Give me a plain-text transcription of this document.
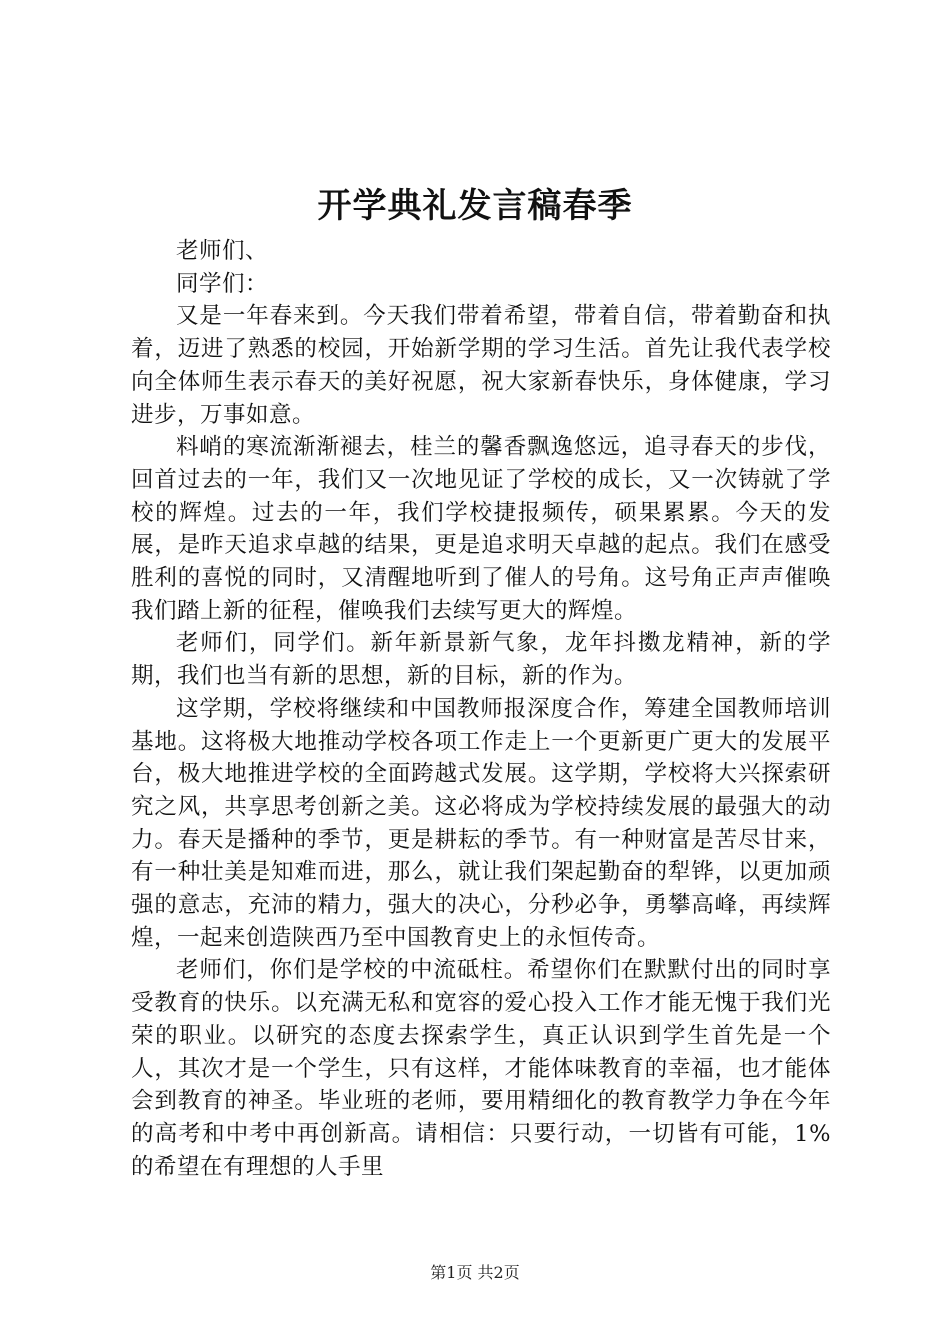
开学典礼发言稿春季

老师们、

同学们：

又是一年春来到。今天我们带着希望，带着自信，带着勤奋和执着，迈进了熟悉的校园，开始新学期的学习生活。首先让我代表学校向全体师生表示春天的美好祝愿，祝大家新春快乐，身体健康，学习进步，万事如意。

料峭的寒流渐渐褪去，桂兰的馨香飘逸悠远，追寻春天的步伐，回首过去的一年，我们又一次地见证了学校的成长，又一次铸就了学校的辉煌。过去的一年，我们学校捷报频传，硕果累累。今天的发展，是昨天追求卓越的结果，更是追求明天卓越的起点。我们在感受胜利的喜悦的同时，又清醒地听到了催人的号角。这号角正声声催唤我们踏上新的征程，催唤我们去续写更大的辉煌。

老师们，同学们。新年新景新气象，龙年抖擞龙精神，新的学期，我们也当有新的思想，新的目标，新的作为。

这学期，学校将继续和中国教师报深度合作，筹建全国教师培训基地。这将极大地推动学校各项工作走上一个更新更广更大的发展平台，极大地推进学校的全面跨越式发展。这学期，学校将大兴探索研究之风，共享思考创新之美。这必将成为学校持续发展的最强大的动力。春天是播种的季节，更是耕耘的季节。有一种财富是苦尽甘来，有一种壮美是知难而进，那么，就让我们架起勤奋的犁铧，以更加顽强的意志，充沛的精力，强大的决心，分秒必争，勇攀高峰，再续辉煌，一起来创造陕西乃至中国教育史上的永恒传奇。

老师们，你们是学校的中流砥柱。希望你们在默默付出的同时享受教育的快乐。以充满无私和宽容的爱心投入工作才能无愧于我们光荣的职业。以研究的态度去探索学生，真正认识到学生首先是一个人，其次才是一个学生，只有这样，才能体味教育的幸福，也才能体会到教育的神圣。毕业班的老师，要用精细化的教育教学力争在今年的高考和中考中再创新高。请相信：只要行动，一切皆有可能，1%的希望在有理想的人手里

第1页 共2页
